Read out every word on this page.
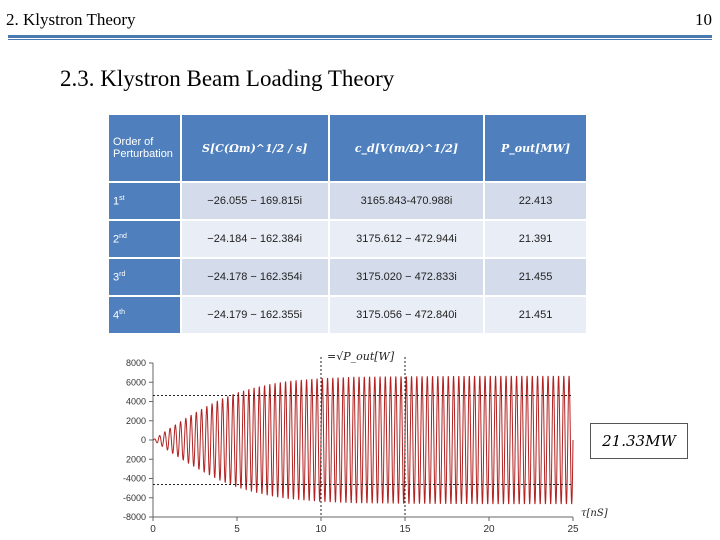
2. Klystron Theory	10
2.3. Klystron Beam Loading Theory
Order of Perturbation	S[C(Ωm)^1/2 / s]	c_d[V(m/Ω)^1/2]	P_out[MW]
1st	−26.055 − 169.815i	3165.843-470.988i	22.413
2nd	−24.184 − 162.384i	3175.612 − 472.944i	21.391
3rd	−24.178 − 162.354i	3175.020 − 472.833i	21.455
4th	−24.179 − 162.355i	3175.056 − 472.840i	21.451
8000
6000
4000
2000
0
2000
-4000
-6000
-8000
0	5	10	15	20	25
=√P_out[W]
τ[nS]
21.33MW
